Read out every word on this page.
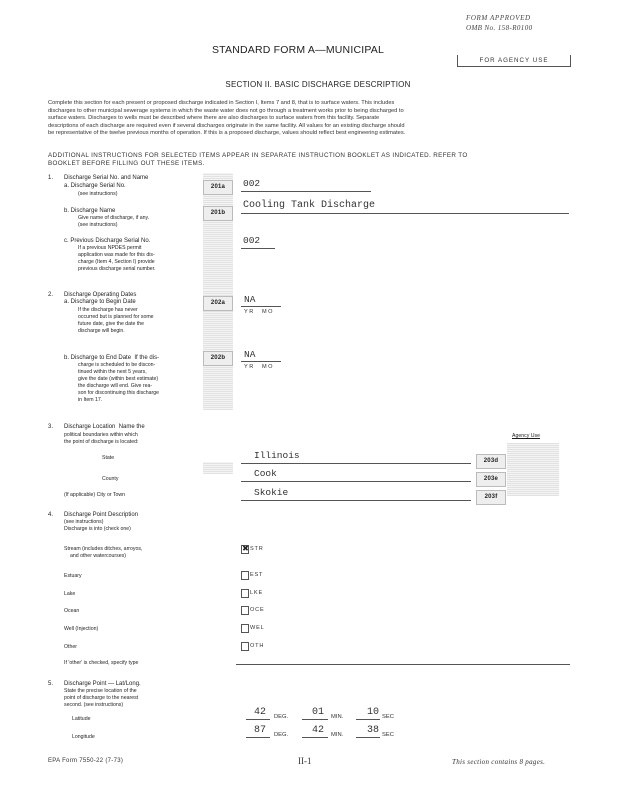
FORM APPROVED
OMB No. 158-R0100
STANDARD FORM A—MUNICIPAL
FOR AGENCY USE
SECTION II. BASIC DISCHARGE DESCRIPTION
Complete this section for each present or proposed discharge indicated in Section I, Items 7 and 8, that is to surface waters. This includes
discharges to other municipal sewerage systems in which the waste water does not go through a treatment works prior to being discharged to
surface waters. Discharges to wells must be described where there are also discharges to surface waters from this facility. Separate
descriptions of each discharge are required even if several discharges originate in the same facility. All values for an existing discharge should
be representative of the twelve previous months of operation. If this is a proposed discharge, values should reflect best engineering estimates.
ADDITIONAL INSTRUCTIONS FOR SELECTED ITEMS APPEAR IN SEPARATE INSTRUCTION BOOKLET AS INDICATED. REFER TO
BOOKLET BEFORE FILLING OUT THESE ITEMS.
1. Discharge Serial No. and Name
a. Discharge Serial No.
(see instructions)
201a	002
b. Discharge Name
Give name of discharge, if any.
(see instructions)
201b
Cooling Tank Discharge
c. Previous Discharge Serial No.
If a previous NPDES permit
application was made for this dis-
charge (Item 4, Section I) provide
previous discharge serial number.
002
2. Discharge Operating Dates
a. Discharge to Begin Date
If the discharge has never
occurred but is planned for some
future date, give the date the
discharge will begin.
202a	NA
YR MO
b. Discharge to End Date If the dis-
charge is scheduled to be discon-
tinued within the next 5 years,
give the date (within best estimate)
the discharge will end. Give rea-
son for discontinuing this discharge
in Item 17.
202b	NA
YR MO
3. Discharge Location Name the
political boundaries within which
the point of discharge is located:
Agency Use
State	Illinois	203d
County	Cook	203e
(If applicable) City or Town	Skokie	203f
4. Discharge Point Description
(see instructions)
Discharge is into (check one)
Stream (includes ditches, arroyos,
and other watercourses)
✖ STR
Estuary	EST
Lake	LKE
Ocean	OCE
Well (Injection)	WEL
Other	OTH
If 'other' is checked, specify type
5. Discharge Point — Lat/Long.
State the precise location of the
point of discharge to the nearest
second. (see instructions)
Latitude
42 DEG. 01 MIN. 10 SEC
Longitude
87 DEG. 42 MIN. 38 SEC
EPA Form 7550-22 (7-73)	II-1	This section contains 8 pages.
